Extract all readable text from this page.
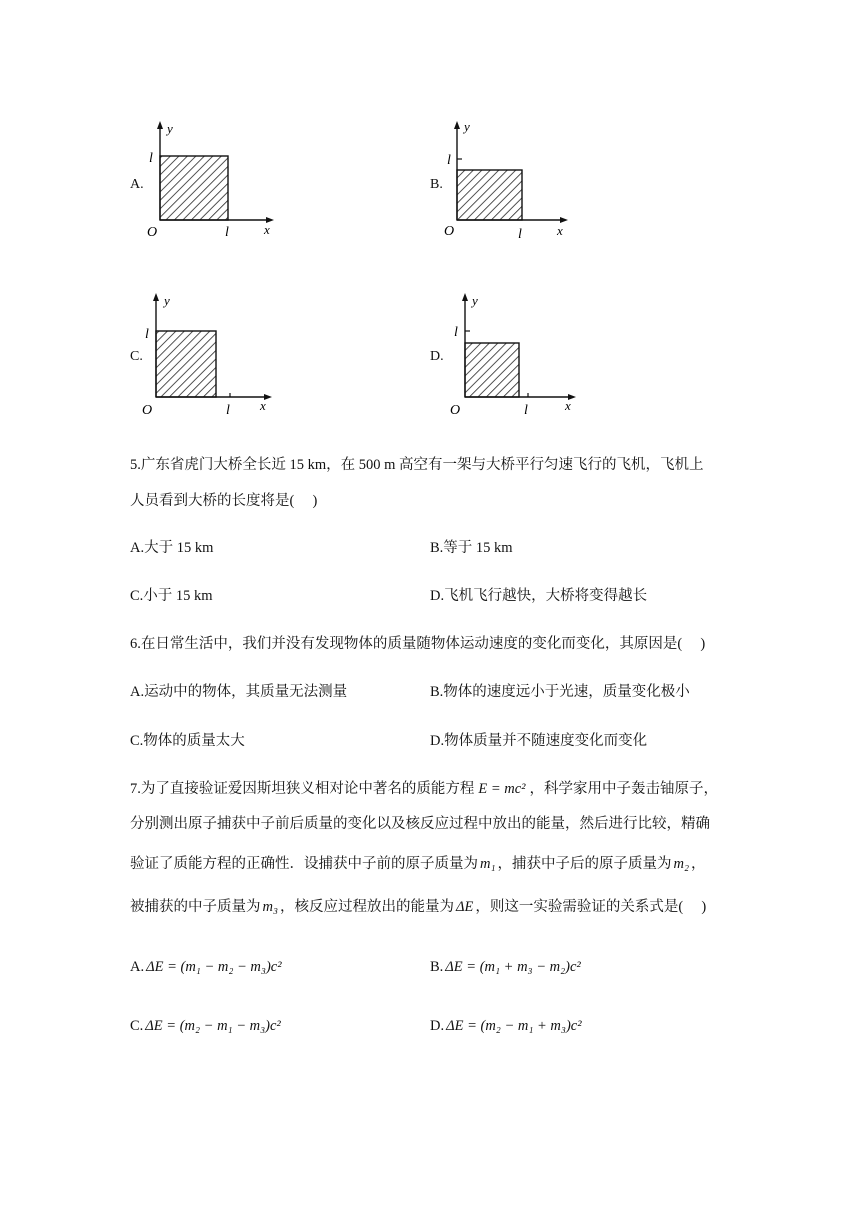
A.
y
l
O	l	x
B.
y
l
O	l	x
C.
y
l
O	l x
D.
y
l
O	l	x
5.广东省虎门大桥全长近 15 km，在 500 m 高空有一架与大桥平行匀速飞行的飞机，飞机上
人员看到大桥的长度将是(     )
A.大于 15 km	B.等于 15 km
C.小于 15 km	D.飞机飞行越快，大桥将变得越长
6.在日常生活中，我们并没有发现物体的质量随物体运动速度的变化而变化，其原因是(     )
A.运动中的物体，其质量无法测量	B.物体的速度远小于光速，质量变化极小
C.物体的质量太大	D.物体质量并不随速度变化而变化
7.为了直接验证爱因斯坦狭义相对论中著名的质能方程 E = mc² ，科学家用中子轰击铀原子，
分别测出原子捕获中子前后质量的变化以及核反应过程中放出的能量，然后进行比较，精确
验证了质能方程的正确性．设捕获中子前的原子质量为 m₁ ，捕获中子后的原子质量为 m₂ ，
被捕获的中子质量为 m₃ ，核反应过程放出的能量为 ΔE ，则这一实验需验证的关系式是(     )
A. ΔE = (m₁ − m₂ − m₃)c²	B. ΔE = (m₁ + m₃ − m₂)c²
C. ΔE = (m₂ − m₁ − m₃)c²	D. ΔE = (m₂ − m₁ + m₃)c²
